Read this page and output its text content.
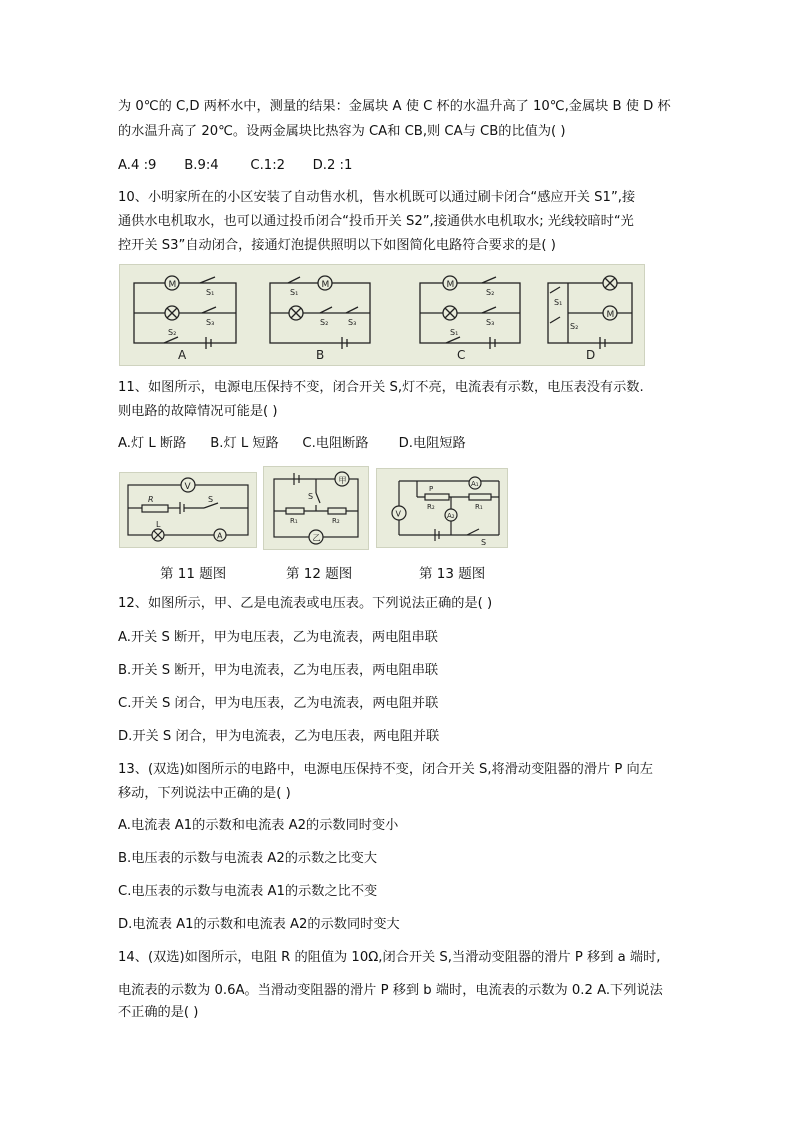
为 0℃的 C,D 两杯水中，测量的结果：金属块 A 使 C 杯的水温升高了 10℃,金属块 B 使 D 杯
的水温升高了 20℃。设两金属块比热容为 CA和 CB,则 CA与 CB的比值为( )
A.4 :9 B.9:4 C.1:2 D.2 :1
10、小明家所在的小区安装了自动售水机，售水机既可以通过刷卡闭合“感应开关 S1”,接
通供水电机取水，也可以通过投币闭合“投币开关 S2”,接通供水电机取水; 光线较暗时“光
控开关 S3”自动闭合，接通灯泡提供照明以下如图简化电路符合要求的是( )
M
S₁
S₃
S₂
A
S₁
M
S₂ S₃
B
M
S₂
S₃
S₁
C
M
S₁
S₂
D
11、如图所示，电源电压保持不变，闭合开关 S,灯不亮，电流表有示数，电压表没有示数.
则电路的故障情况可能是( )
A.灯 L 断路 B.灯 L 短路 C.电阻断路 D.电阻短路
V
R	S
L
A
甲
S
R₁	R₂
乙
V
P
R₂
A₁
R₁
A₂
S
第 11 题图	第 12 题图	第 13 题图
12、如图所示，甲、乙是电流表或电压表。下列说法正确的是( )
A.开关 S 断开，甲为电压表，乙为电流表，两电阻串联
B.开关 S 断开，甲为电流表，乙为电压表，两电阻串联
C.开关 S 闭合，甲为电压表，乙为电流表，两电阻并联
D.开关 S 闭合，甲为电流表，乙为电压表，两电阻并联
13、(双选)如图所示的电路中，电源电压保持不变，闭合开关 S,将滑动变阻器的滑片 P 向左
移动，下列说法中正确的是( )
A.电流表 A1的示数和电流表 A2的示数同时变小
B.电压表的示数与电流表 A2的示数之比变大
C.电压表的示数与电流表 A1的示数之比不变
D.电流表 A1的示数和电流表 A2的示数同时变大
14、(双选)如图所示，电阻 R 的阻值为 10Ω,闭合开关 S,当滑动变阻器的滑片 P 移到 a 端时,
电流表的示数为 0.6A。当滑动变阻器的滑片 P 移到 b 端时，电流表的示数为 0.2 A.下列说法
不正确的是( )
